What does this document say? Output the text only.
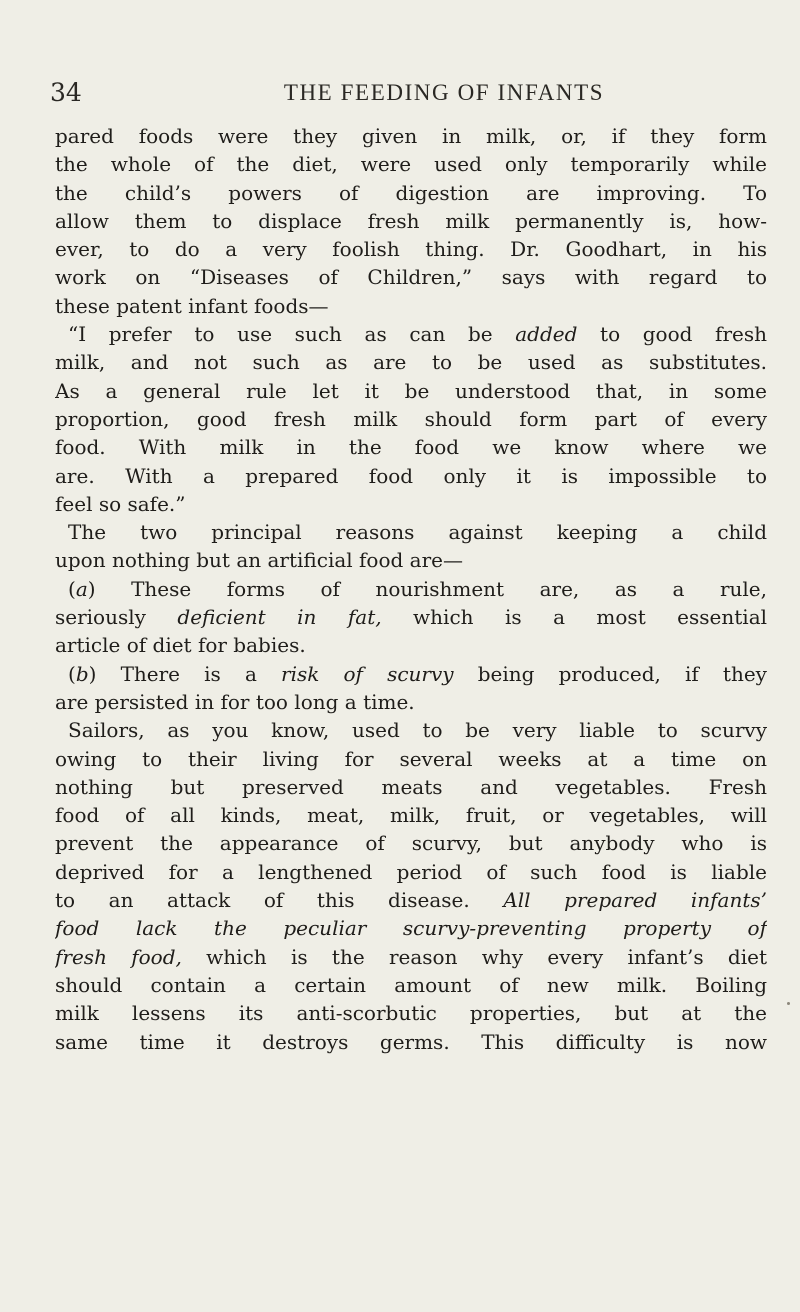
34	THE FEEDING OF INFANTS
pared foods were they given in milk, or, if they form
the whole of the diet, were used only temporarily while
the child’s powers of digestion are improving. To
allow them to displace fresh milk permanently is, how-
ever, to do a very foolish thing. Dr. Goodhart, in his
work on “Diseases of Children,” says with regard to
these patent infant foods—
“I prefer to use such as can be added to good fresh
milk, and not such as are to be used as substitutes.
As a general rule let it be understood that, in some
proportion, good fresh milk should form part of every
food. With milk in the food we know where we
are. With a prepared food only it is impossible to
feel so safe.”
The two principal reasons against keeping a child
upon nothing but an artificial food are—
(a) These forms of nourishment are, as a rule,
seriously deficient in fat, which is a most essential
article of diet for babies.
(b) There is a risk of scurvy being produced, if they
are persisted in for too long a time.
Sailors, as you know, used to be very liable to scurvy
owing to their living for several weeks at a time on
nothing but preserved meats and vegetables. Fresh
food of all kinds, meat, milk, fruit, or vegetables, will
prevent the appearance of scurvy, but anybody who is
deprived for a lengthened period of such food is liable
to an attack of this disease. All prepared infants’
food lack the peculiar scurvy-preventing property of
fresh food, which is the reason why every infant’s diet
should contain a certain amount of new milk. Boiling
milk lessens its anti-scorbutic properties, but at the
same time it destroys germs. This difficulty is now
